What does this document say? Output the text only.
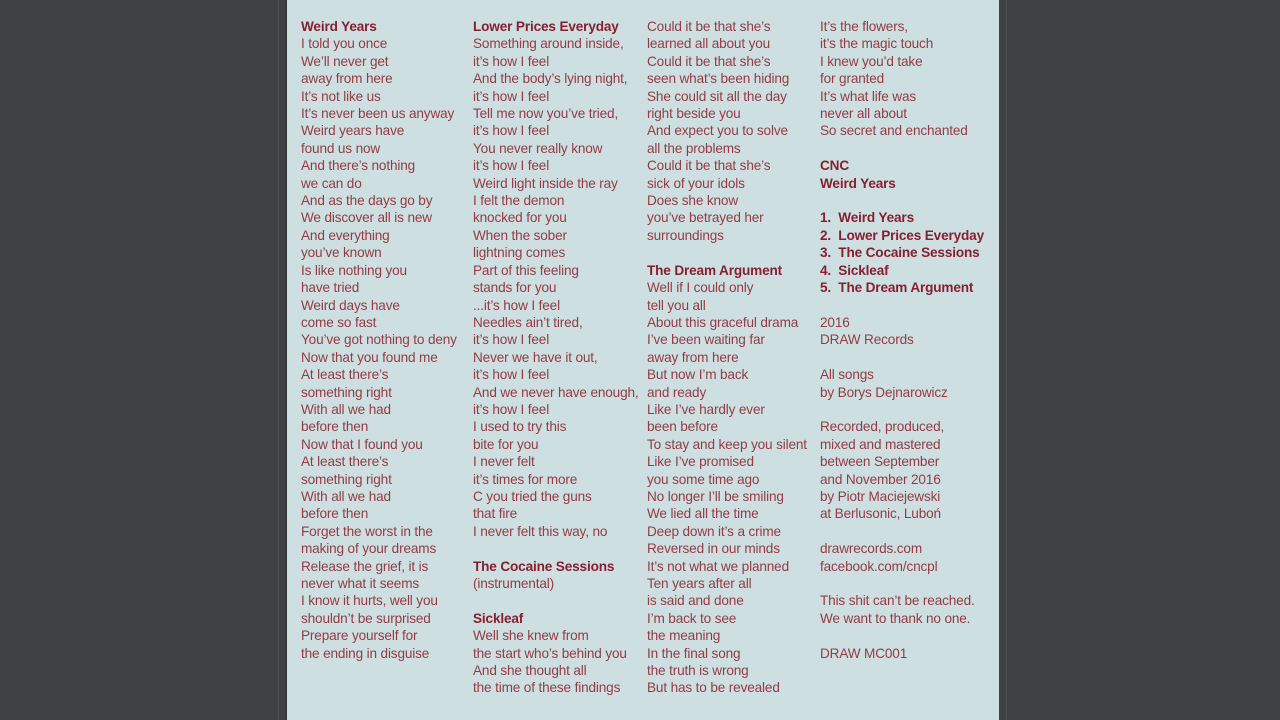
Weird Years
I told you once
We’ll never get
away from here
It’s not like us
It’s never been us anyway
Weird years have
found us now
And there’s nothing
we can do
And as the days go by
We discover all is new
And everything
you’ve known
Is like nothing you
have tried
Weird days have
come so fast
You’ve got nothing to deny
Now that you found me
At least there’s
something right
With all we had
before then
Now that I found you
At least there’s
something right
With all we had
before then
Forget the worst in the
making of your dreams
Release the grief, it is
never what it seems
I know it hurts, well you
shouldn’t be surprised
Prepare yourself for
the ending in disguise
Lower Prices Everyday
Something around inside,
it’s how I feel
And the body’s lying night,
it’s how I feel
Tell me now you’ve tried,
it’s how I feel
You never really know
it’s how I feel
Weird light inside the ray
I felt the demon
knocked for you
When the sober
lightning comes
Part of this feeling
stands for you
...it’s how I feel
Needles ain’t tired,
it’s how I feel
Never we have it out,
it’s how I feel
And we never have enough,
it’s how I feel
I used to try this
bite for you
I never felt
it’s times for more
C you tried the guns
that fire
I never felt this way, no
The Cocaine Sessions
(instrumental)
Sickleaf
Well she knew from
the start who’s behind you
And she thought all
the time of these findings
Could it be that she’s
learned all about you
Could it be that she’s
seen what’s been hiding
She could sit all the day
right beside you
And expect you to solve
all the problems
Could it be that she’s
sick of your idols
Does she know
you’ve betrayed her
surroundings
The Dream Argument
Well if I could only
tell you all
About this graceful drama
I’ve been waiting far
away from here
But now I’m back
and ready
Like I’ve hardly ever
been before
To stay and keep you silent
Like I’ve promised
you some time ago
No longer I’ll be smiling
We lied all the time
Deep down it’s a crime
Reversed in our minds
It’s not what we planned
Ten years after all
is said and done
I’m back to see
the meaning
In the final song
the truth is wrong
But has to be revealed
It’s the flowers,
it’s the magic touch
I knew you’d take
for granted
It’s what life was
never all about
So secret and enchanted
CNC
Weird Years
1.  Weird Years
2.  Lower Prices Everyday
3.  The Cocaine Sessions
4.  Sickleaf
5.  The Dream Argument
2016
DRAW Records
All songs
by Borys Dejnarowicz
Recorded, produced,
mixed and mastered
between September
and November 2016
by Piotr Maciejewski
at Berlusonic, Luboń
drawrecords.com
facebook.com/cncpl
This shit can’t be reached.
We want to thank no one.
DRAW MC001
